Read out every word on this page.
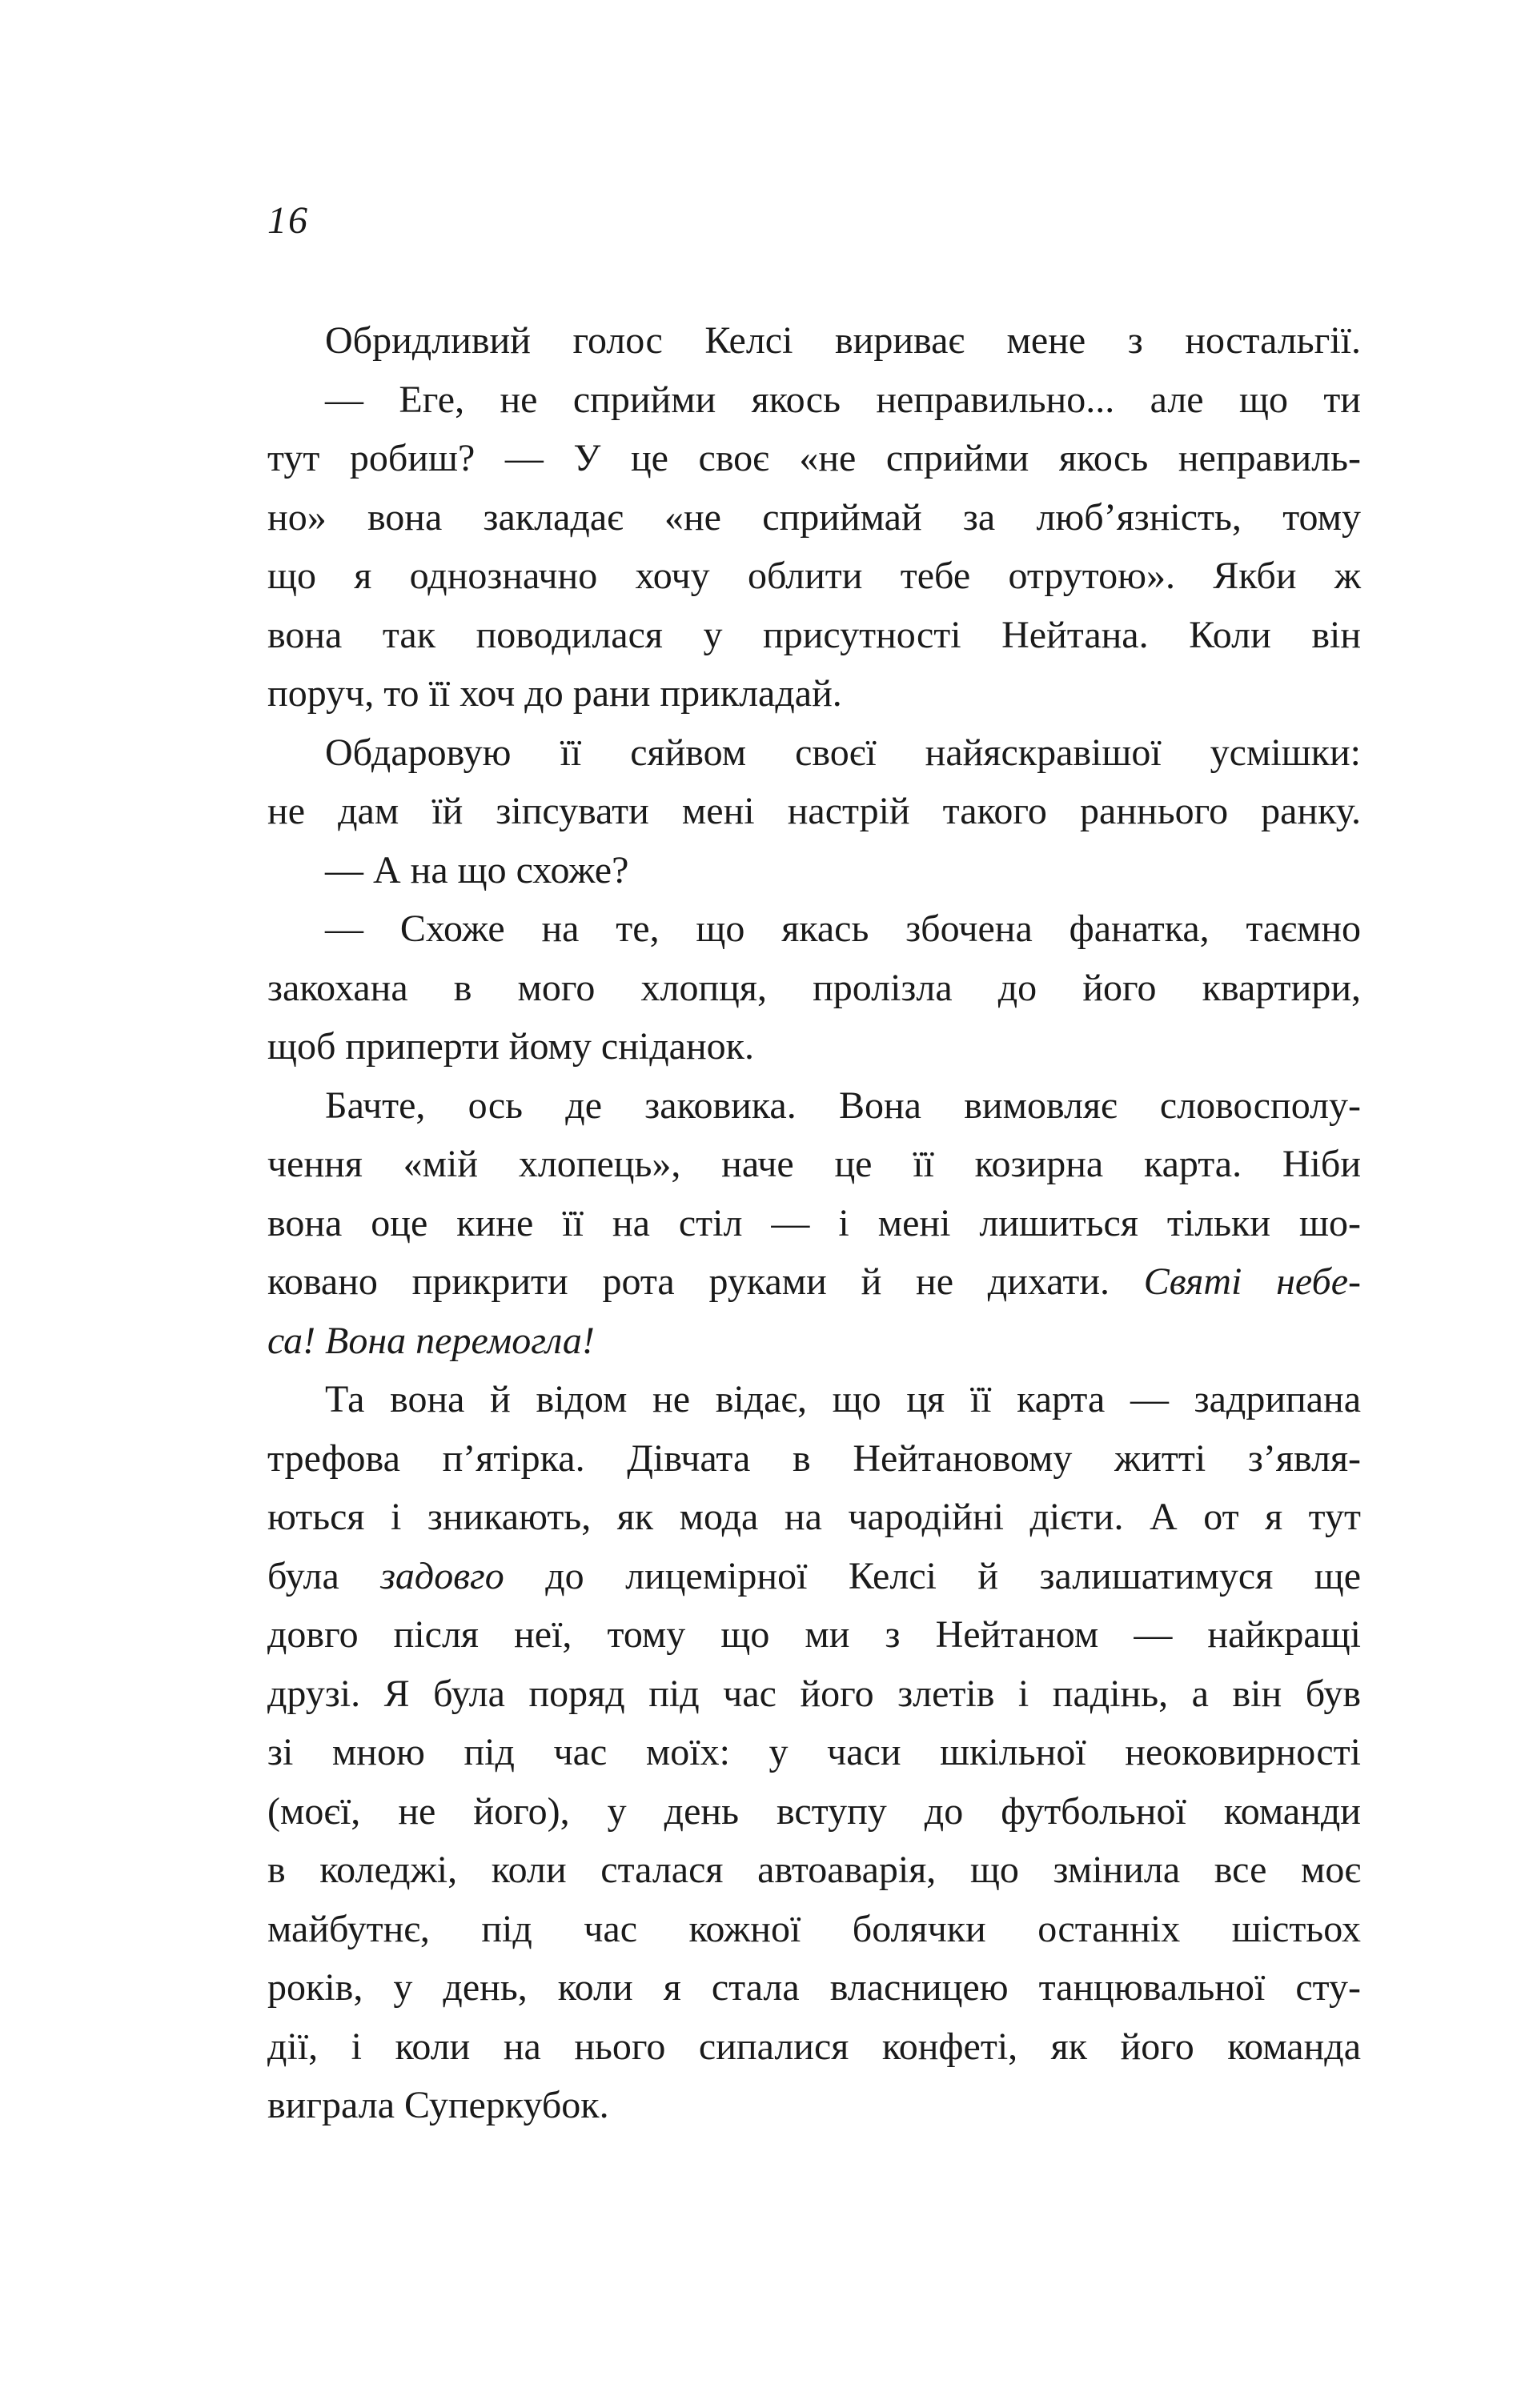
16
Обридливий голос Келсі вириває мене з ностальгії.
— Еге, не сприйми якось неправильно... але що ти
тут робиш? — У це своє «не сприйми якось неправиль-
но» вона закладає «не сприймай за люб’язність, тому
що я однозначно хочу облити тебе отрутою». Якби ж
вона так поводилася у присутності Нейтана. Коли він
поруч, то її хоч до рани прикладай.
Обдаровую її сяйвом своєї найяскравішої усмішки:
не дам їй зіпсувати мені настрій такого раннього ранку.
— А на що схоже?
— Схоже на те, що якась збочена фанатка, таємно
закохана в мого хлопця, пролізла до його квартири,
щоб приперти йому сніданок.
Бачте, ось де заковика. Вона вимовляє словосполу-
чення «мій хлопець», наче це її козирна карта. Ніби
вона оце кине її на стіл — і мені лишиться тільки шо-
ковано прикрити рота руками й не дихати. Святі небе-
са! Вона перемогла!
Та вона й відом не відає, що ця її карта — задрипана
трефова п’ятірка. Дівчата в Нейтановому житті з’явля-
ються і зникають, як мода на чародійні дієти. А от я тут
була задовго до лицемірної Келсі й залишатимуся ще
довго після неї, тому що ми з Нейтаном — найкращі
друзі. Я була поряд під час його злетів і падінь, а він був
зі мною під час моїх: у часи шкільної неоковирності
(моєї, не його), у день вступу до футбольної команди
в коледжі, коли сталася автоаварія, що змінила все моє
майбутнє, під час кожної болячки останніх шістьох
років, у день, коли я стала власницею танцювальної сту-
дії, і коли на нього сипалися конфеті, як його команда
виграла Суперкубок.
